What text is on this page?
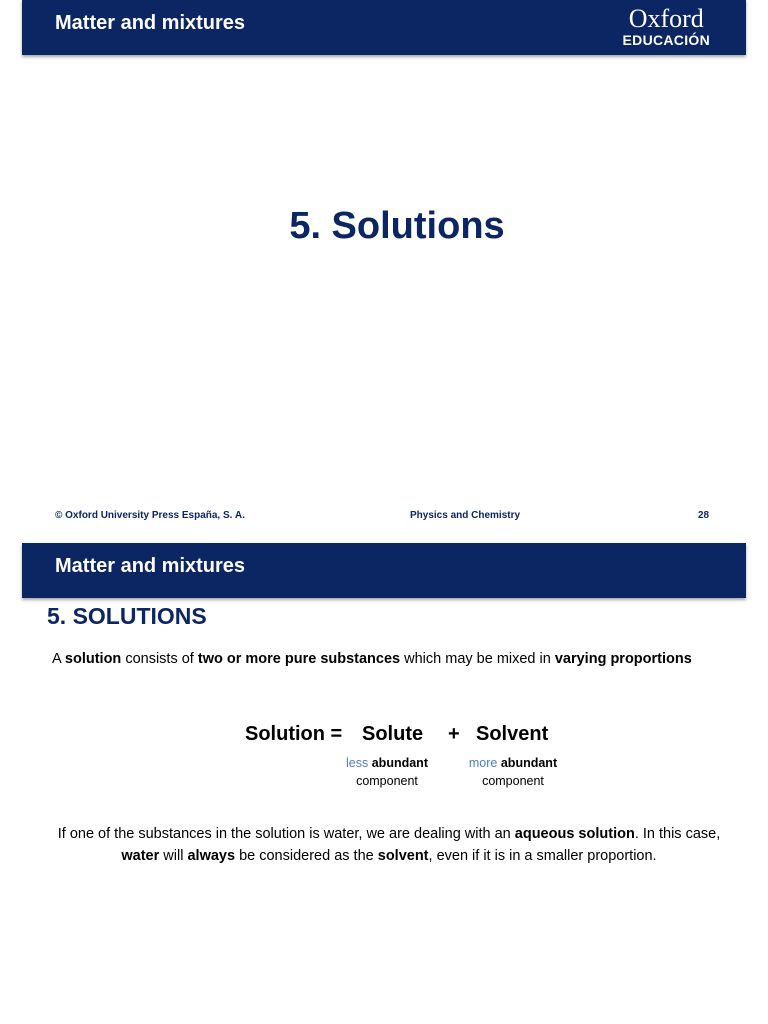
Matter and mixtures	Oxford
EDUCACIÓN
5. Solutions
© Oxford University Press España, S. A.	Physics and Chemistry	28
Matter and mixtures
5. SOLUTIONS
A solution consists of two or more pure substances which may be mixed in varying proportions
Solution = Solute + Solvent
less abundant
component
more abundant
component
If one of the substances in the solution is water, we are dealing with an aqueous solution. In this case, water will always be considered as the solvent, even if it is in a smaller proportion.
